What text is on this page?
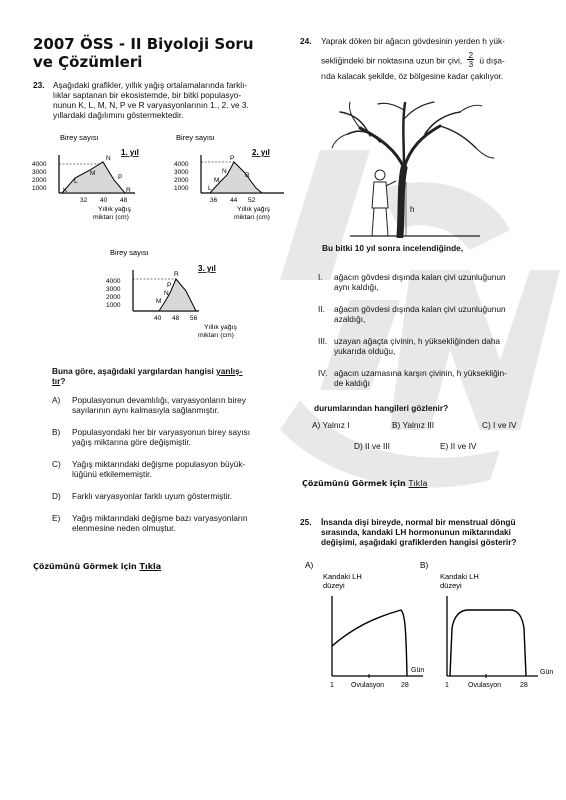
2007 ÖSS - II Biyoloji Soru ve Çözümleri
23. Aşağıdaki grafikler, yıllık yağış ortalamalarında farklı-
lıklar saptanan bir ekosistemde, bir bitki populasyo-
nunun K, L, M, N, P ve R varyasyonlarının 1., 2. ve 3.
yıllardaki dağılımını göstermektedir.
Birey sayısı
4000
3000
2000
1000
N
M
L
K
P
R
1. yıl
32 40 48
Yıllık yağış
miktarı (cm)
Birey sayısı
4000
3000
2000
1000
P
N
M
L
R
2. yıl
36 44 52
Yıllık yağış
miktarı (cm)
Birey sayısı
4000
3000
2000
1000
R
P
N
M
3. yıl
40 48 56
Yıllık yağış
miktarı (cm)
Buna göre, aşağıdaki yargılardan hangisi yanlış-
tır?
A) Populasyonun devamlılığı, varyasyonların birey
sayılarının aynı kalmasıyla sağlanmıştır.
B) Populasyondaki her bir varyasyonun birey sayısı
yağış miktarına göre değişmiştir.
C) Yağış miktarındaki değişme populasyon büyük-
lüğünü etkilememiştir.
D) Farklı varyasyonlar farklı uyum göstermiştir.
E) Yağış miktarındaki değişme bazı varyasyonların
elenmesine neden olmuştur.
Çözümünü Görmek için Tıkla
24. Yaprak döken bir ağacın gövdesinin yerden h yük-
sekliğindeki bir noktasına uzun bir çivi, $\frac{2}{3}$ ü dışa-
rıda kalacak şekilde, öz bölgesine kadar çakılıyor.
h
Bu bitki 10 yıl sonra incelendiğinde,
I. ağacın gövdesi dışında kalan çivi uzunluğunun
aynı kaldığı,
II. ağacın gövdesi dışında kalan çivi uzunluğunun
azaldığı,
III. uzayan ağaçta çivinin, h yüksekliğinden daha
yukarıda olduğu,
IV. ağacın uzamasına karşın çivinin, h yüksekliğin-
de kaldığı
durumlarından hangileri gözlenir?
A) Yalnız I	B) Yalnız III	C) I ve IV
D) II ve III	E) II ve IV
Çözümünü Görmek için Tıkla
25. İnsanda dişi bireyde, normal bir menstrual döngü
sırasında, kandaki LH hormonunun miktarındaki
değişimi, aşağıdaki grafiklerden hangisi gösterir?
A)
Kandaki LH
düzeyi
1 Ovulasyon 28
Gün
B)
Kandaki LH
düzeyi
1	Ovulasyon	28
Gün
